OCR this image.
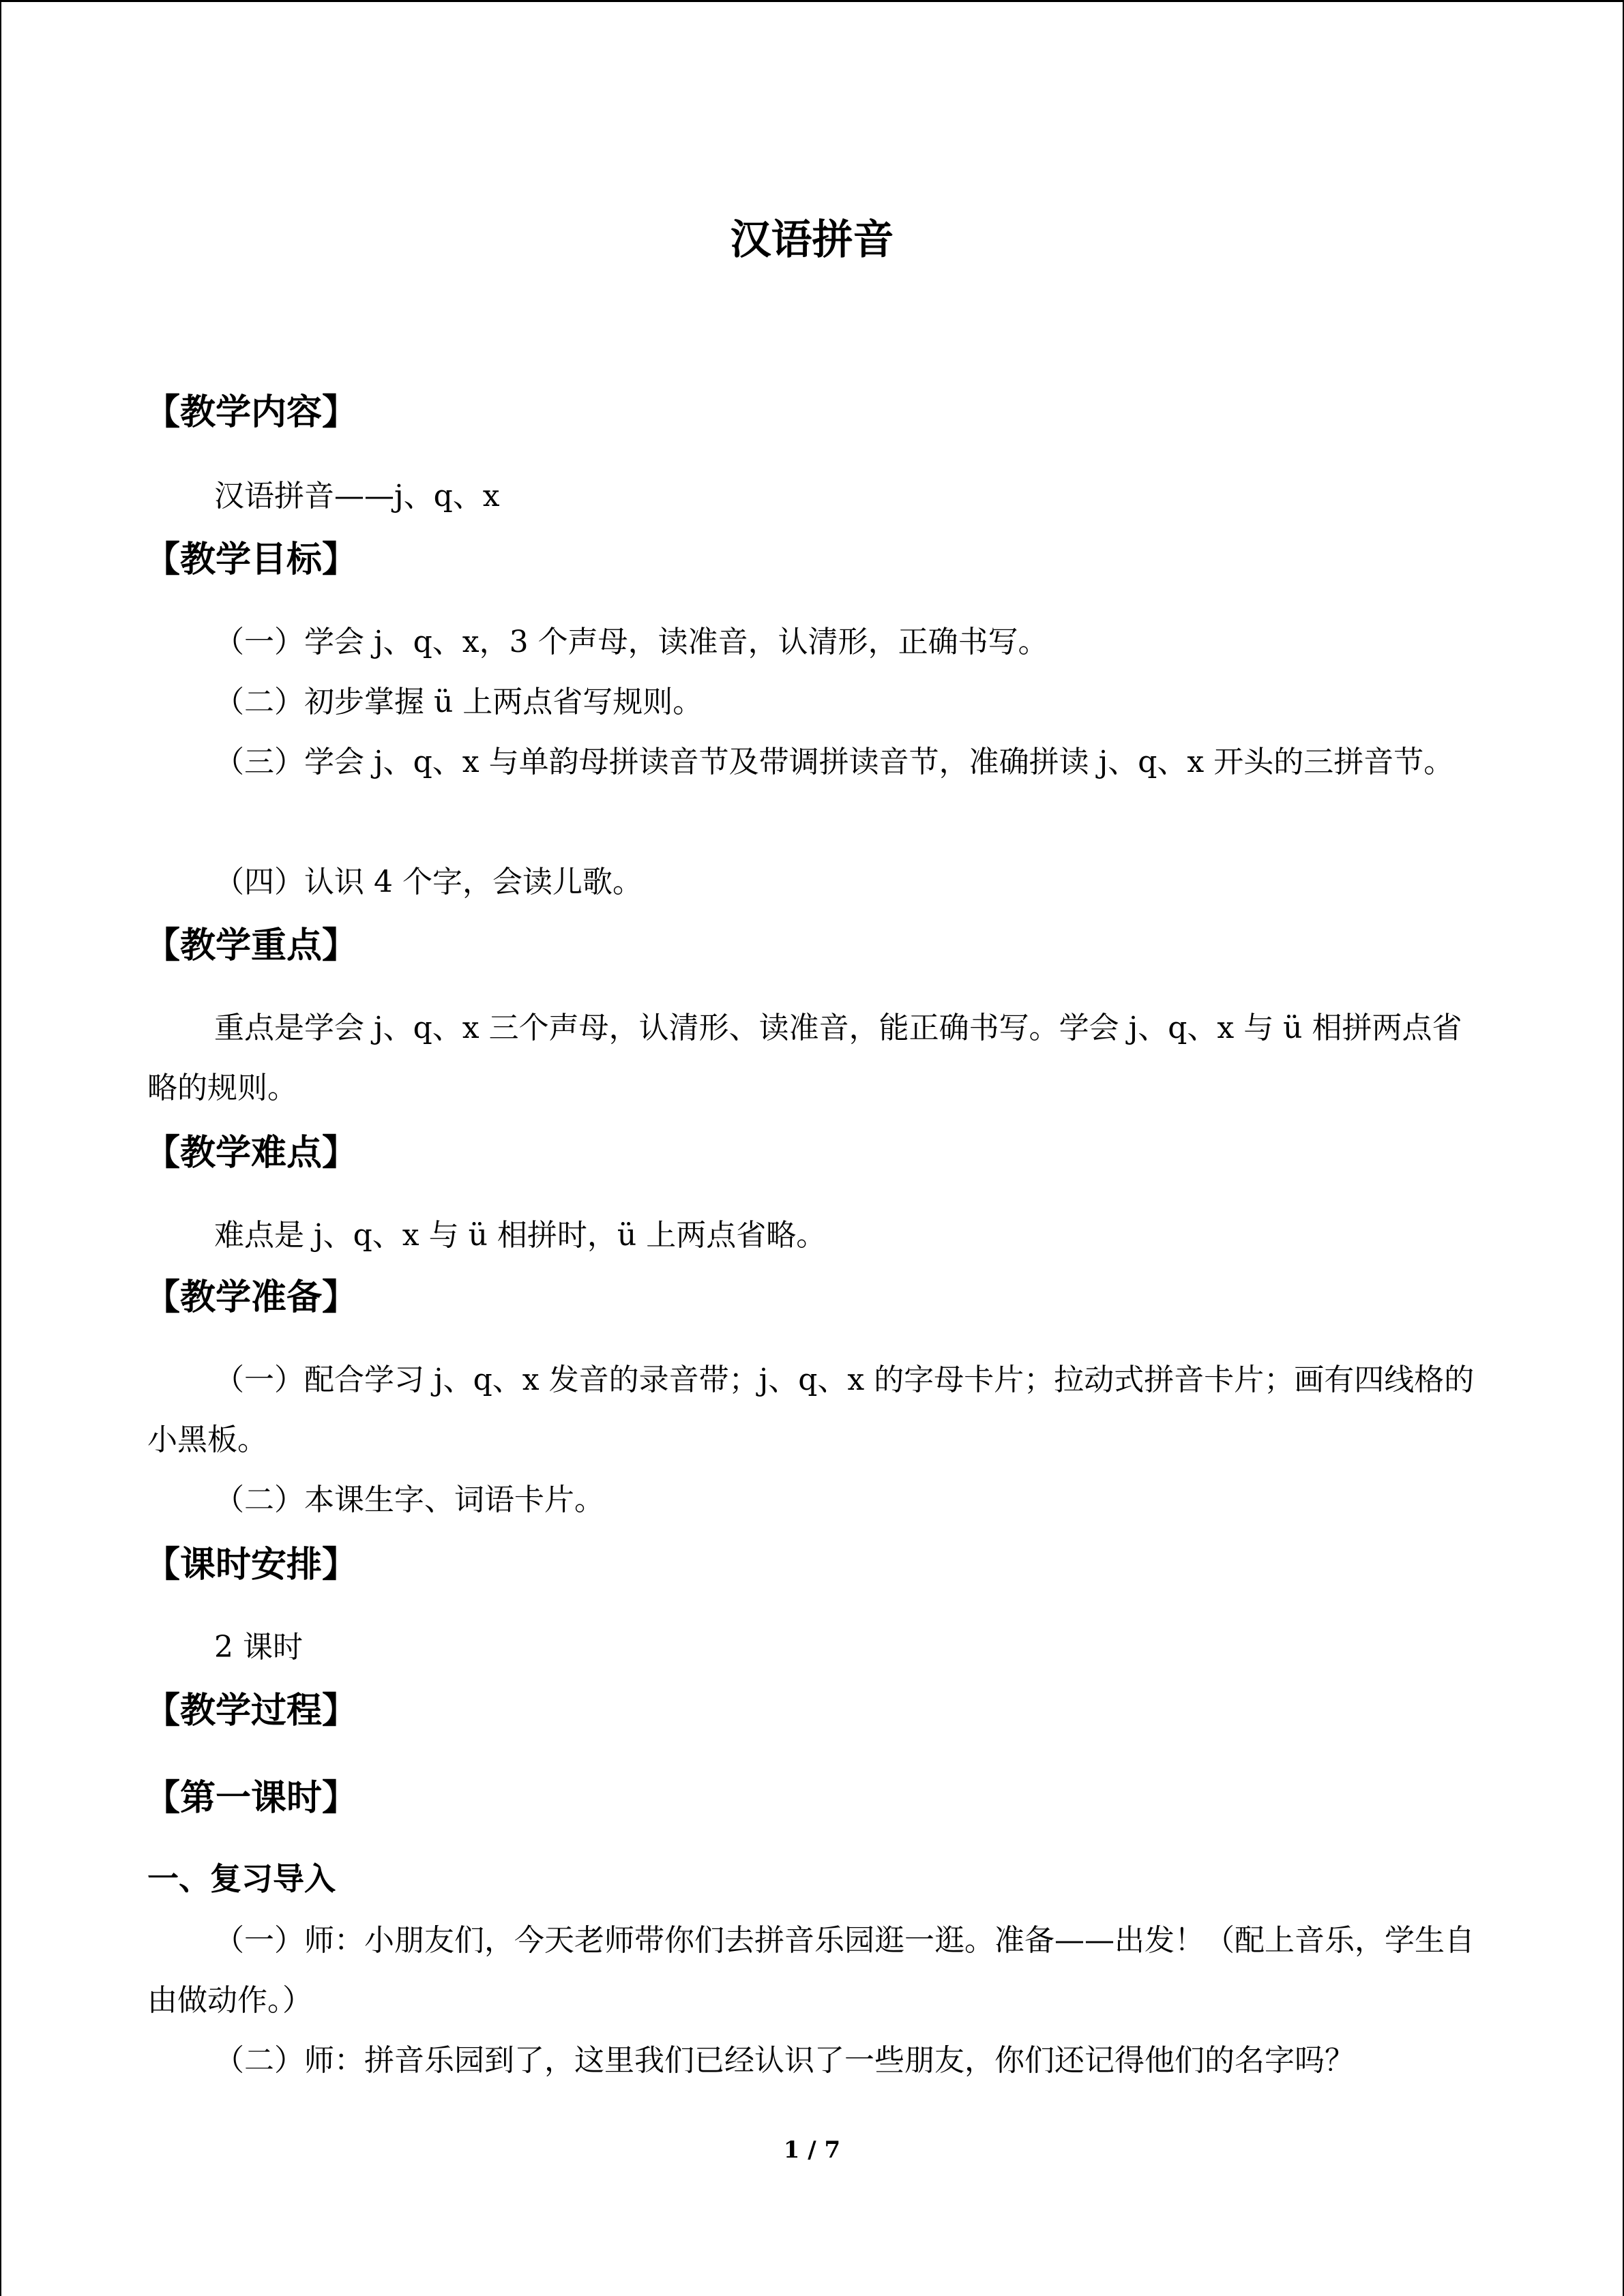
汉语拼音
【教学内容】
汉语拼音——j、q、x
【教学目标】
（一）学会 j、q、x，3 个声母，读准音，认清形，正确书写。
（二）初步掌握 ü 上两点省写规则。
（三）学会 j、q、x 与单韵母拼读音节及带调拼读音节，准确拼读 j、q、x 开头的三拼音节。
（四）认识 4 个字，会读儿歌。
【教学重点】
重点是学会 j、q、x 三个声母，认清形、读准音，能正确书写。学会 j、q、x 与 ü 相拼两点省略的规则。
【教学难点】
难点是 j、q、x 与 ü 相拼时，ü 上两点省略。
【教学准备】
（一）配合学习 j、q、x 发音的录音带；j、q、x 的字母卡片；拉动式拼音卡片；画有四线格的小黑板。
（二）本课生字、词语卡片。
【课时安排】
2 课时
【教学过程】
【第一课时】
一、复习导入
（一）师：小朋友们，今天老师带你们去拼音乐园逛一逛。准备——出发！（配上音乐，学生自由做动作。）
（二）师：拼音乐园到了，这里我们已经认识了一些朋友，你们还记得他们的名字吗？
1 / 7
